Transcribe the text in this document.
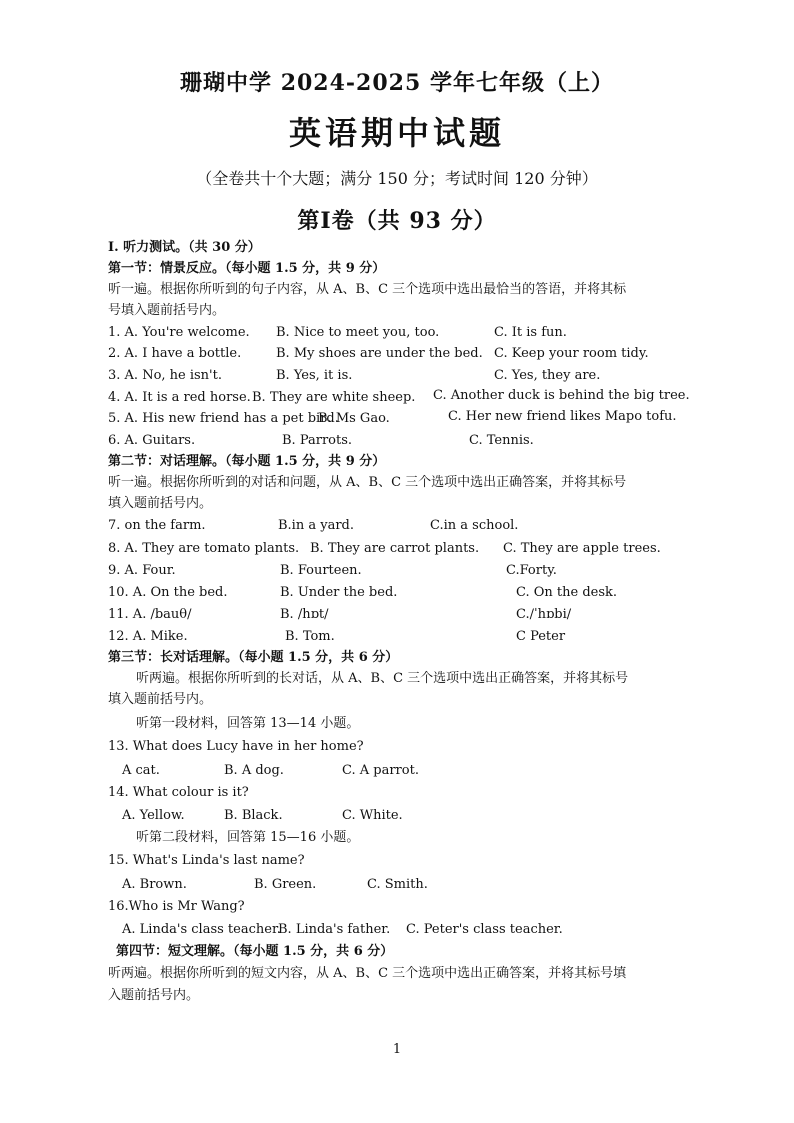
珊瑚中学 2024-2025 学年七年级（上）
英语期中试题
（全卷共十个大题；满分 150 分；考试时间 120 分钟）
第I卷（共 93 分）
I. 听力测试。（共 30 分）
第一节：情景反应。（每小题 1.5 分，共 9 分）
听一遍。根据你所听到的句子内容，从 A、B、C 三个选项中选出最恰当的答语，并将其标
号填入题前括号内。
1. A. You're welcome. B. Nice to meet you, too.	C. It is fun.
2. A. I have a bottle.	B. My shoes are under the bed. C. Keep your room tidy.
3. A. No, he isn't.	B. Yes, it is.	C. Yes, they are.
4. A. It is a red horse. B. They are white sheep. C. Another duck is behind the big tree.
5. A. His new friend has a pet bird.
B. Ms Gao.	C. Her new friend likes Mapo tofu.
6. A. Guitars.	B. Parrots.	C. Tennis.
第二节：对话理解。（每小题 1.5 分，共 9 分）
听一遍。根据你所听到的对话和问题，从 A、B、C 三个选项中选出正确答案，并将其标号
填入题前括号内。
7. on the farm.	B.in a yard.	C.in a school.
8. A. They are tomato plants. B. They are carrot plants. C. They are apple trees.
9. A. Four.	B. Fourteen.	C.Forty.
10. A. On the bed.	B. Under the bed.	C. On the desk.
11. A. /bauθ/	B. /hɒt/	C./ˈhɒbi/
12. A. Mike.	B. Tom.	C Peter
第三节：长对话理解。（每小题 1.5 分，共 6 分）
听两遍。根据你所听到的长对话，从 A、B、C 三个选项中选出正确答案，并将其标号
填入题前括号内。
听第一段材料，回答第 13—14 小题。
13. What does Lucy have in her home?
A cat.	B. A dog.	C. A parrot.
14. What colour is it?
A. Yellow.	B. Black.	C. White.
听第二段材料，回答第 15—16 小题。
15. What's Linda's last name?
A. Brown.	B. Green.	C. Smith.
16.Who is Mr Wang?
A. Linda's class teacher.
B. Linda's father. C. Peter's class teacher.
第四节：短文理解。（每小题 1.5 分，共 6 分）
听两遍。根据你所听到的短文内容，从 A、B、C 三个选项中选出正确答案，并将其标号填
入题前括号内。
1
